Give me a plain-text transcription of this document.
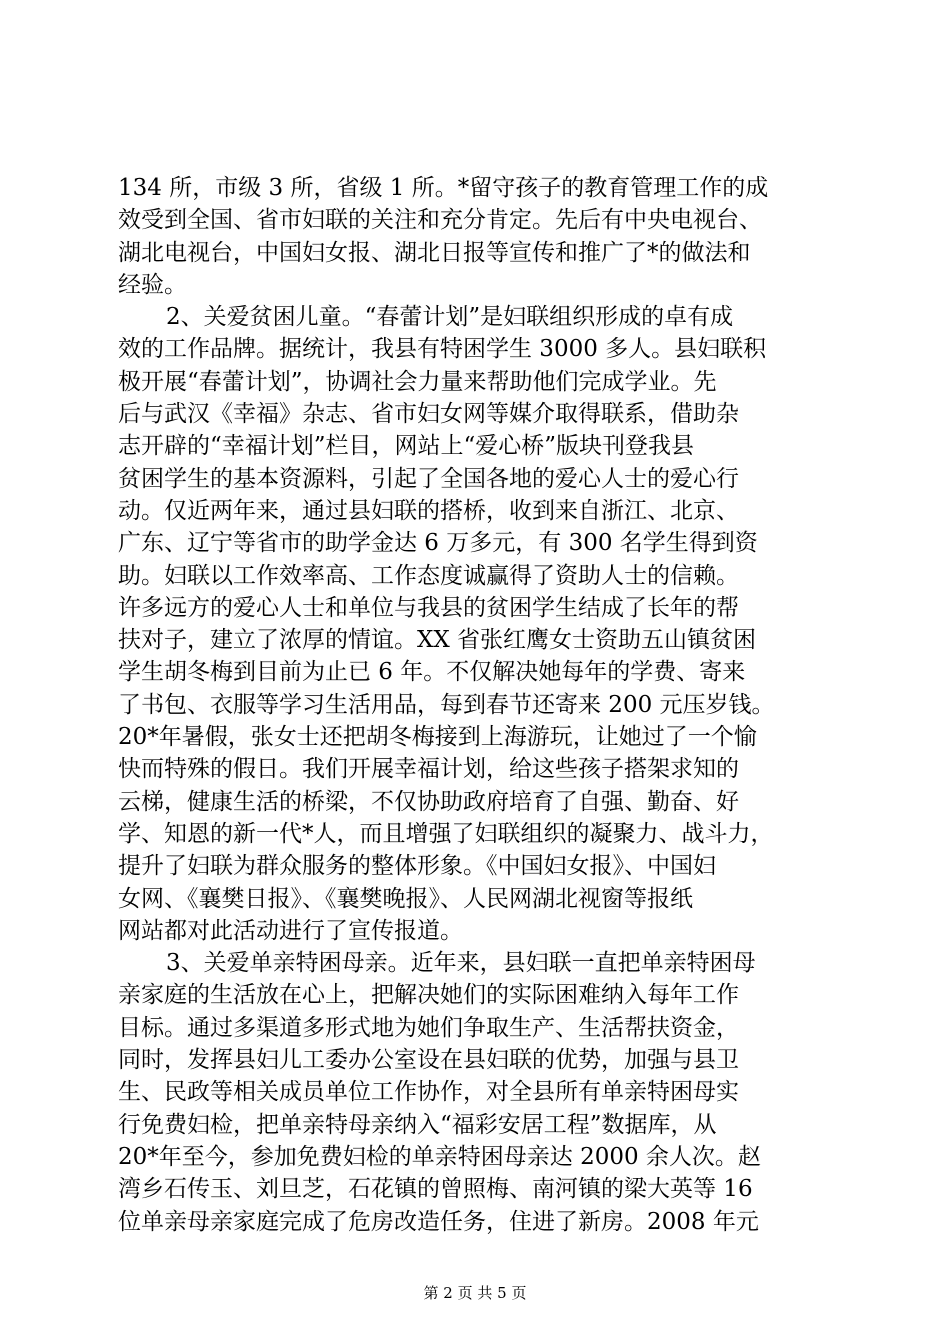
134 所，市级 3 所，省级 1 所。*留守孩子的教育管理工作的成
效受到全国、省市妇联的关注和充分肯定。先后有中央电视台、
湖北电视台，中国妇女报、湖北日报等宣传和推广了*的做法和
经验。
2、关爱贫困儿童。“春蕾计划”是妇联组织形成的卓有成
效的工作品牌。据统计，我县有特困学生 3000 多人。县妇联积
极开展“春蕾计划”，协调社会力量来帮助他们完成学业。先
后与武汉《幸福》杂志、省市妇女网等媒介取得联系，借助杂
志开辟的“幸福计划”栏目，网站上“爱心桥”版块刊登我县
贫困学生的基本资源料，引起了全国各地的爱心人士的爱心行
动。仅近两年来，通过县妇联的搭桥，收到来自浙江、北京、
广东、辽宁等省市的助学金达 6 万多元，有 300 名学生得到资
助。妇联以工作效率高、工作态度诚赢得了资助人士的信赖。
许多远方的爱心人士和单位与我县的贫困学生结成了长年的帮
扶对子，建立了浓厚的情谊。XX 省张红鹰女士资助五山镇贫困
学生胡冬梅到目前为止已 6 年。不仅解决她每年的学费、寄来
了书包、衣服等学习生活用品，每到春节还寄来 200 元压岁钱。
20*年暑假，张女士还把胡冬梅接到上海游玩，让她过了一个愉
快而特殊的假日。我们开展幸福计划，给这些孩子搭架求知的
云梯，健康生活的桥梁，不仅协助政府培育了自强、勤奋、好
学、知恩的新一代*人，而且增强了妇联组织的凝聚力、战斗力，
提升了妇联为群众服务的整体形象。《中国妇女报》、中国妇
女网、《襄樊日报》、《襄樊晚报》、人民网湖北视窗等报纸
网站都对此活动进行了宣传报道。
3、关爱单亲特困母亲。近年来，县妇联一直把单亲特困母
亲家庭的生活放在心上，把解决她们的实际困难纳入每年工作
目标。通过多渠道多形式地为她们争取生产、生活帮扶资金，
同时，发挥县妇儿工委办公室设在县妇联的优势，加强与县卫
生、民政等相关成员单位工作协作，对全县所有单亲特困母实
行免费妇检，把单亲特母亲纳入“福彩安居工程”数据库，从
20*年至今，参加免费妇检的单亲特困母亲达 2000 余人次。赵
湾乡石传玉、刘旦芝，石花镇的曾照梅、南河镇的梁大英等 16
位单亲母亲家庭完成了危房改造任务，住进了新房。2008 年元
第 2 页 共 5 页
